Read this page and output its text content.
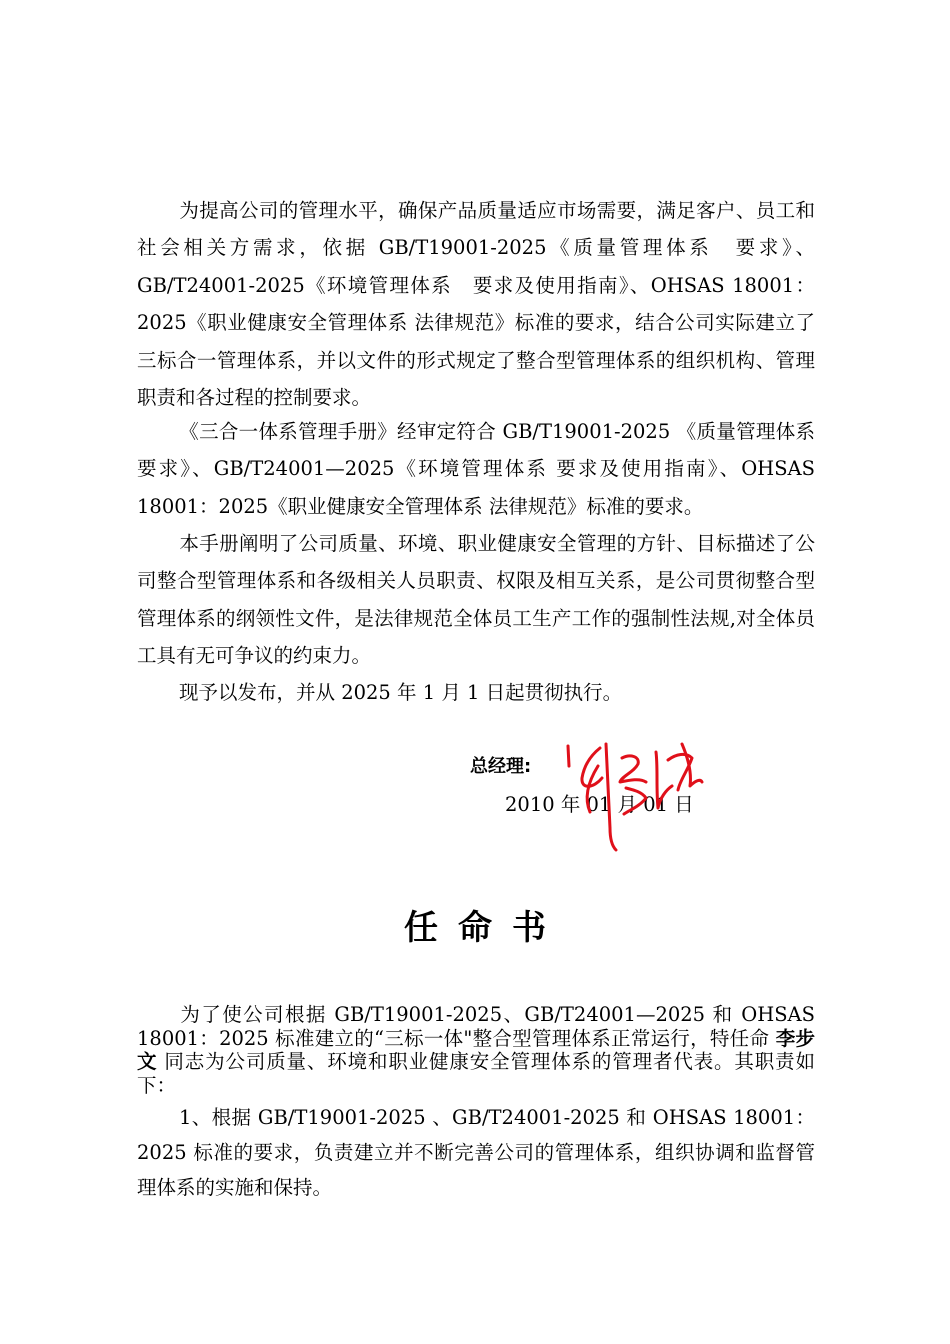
为提高公司的管理水平，确保产品质量适应市场需要，满足客户、员工和社会相关方需求，依据 GB/T19001-2025《质量管理体系　要求》、GB/T24001-2025《环境管理体系　要求及使用指南》、OHSAS 18001：2025《职业健康安全管理体系 法律规范》标准的要求，结合公司实际建立了三标合一管理体系，并以文件的形式规定了整合型管理体系的组织机构、管理职责和各过程的控制要求。

《三合一体系管理手册》经审定符合 GB/T19001-2025 《质量管理体系 要求》、GB/T24001—2025《环境管理体系 要求及使用指南》、OHSAS 18001：2025《职业健康安全管理体系 法律规范》标准的要求。

本手册阐明了公司质量、环境、职业健康安全管理的方针、目标描述了公司整合型管理体系和各级相关人员职责、权限及相互关系，是公司贯彻整合型管理体系的纲领性文件，是法律规范全体员工生产工作的强制性法规,对全体员工具有无可争议的约束力。

现予以发布，并从 2025 年 1 月 1 日起贯彻执行。

总经理:
2010 年 01 月 01 日
任命书

为了使公司根据 GB/T19001-2025、GB/T24001—2025 和 OHSAS 18001：2025 标准建立的“三标一体"整合型管理体系正常运行，特任命 李步文 同志为公司质量、环境和职业健康安全管理体系的管理者代表。其职责如下：

1、根据 GB/T19001-2025 、GB/T24001-2025 和 OHSAS 18001：2025 标准的要求，负责建立并不断完善公司的管理体系，组织协调和监督管理体系的实施和保持。
